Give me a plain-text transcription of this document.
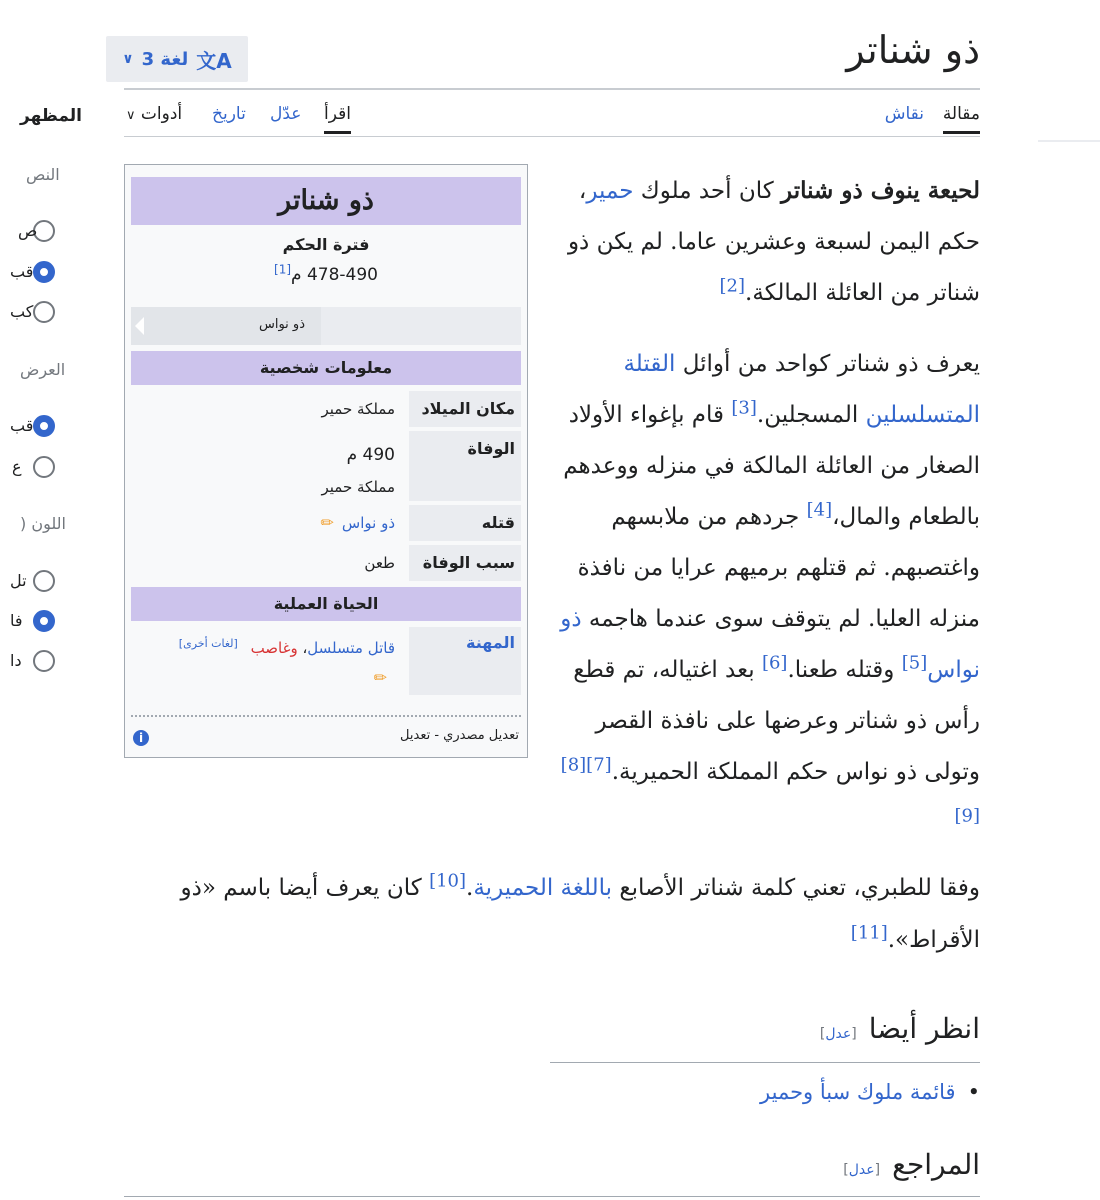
المظهر
النص
ص
قب
كب
العرض
قب
ع
اللون (
تل
فا
دا
ذو شناتر
∨ 3 لغة 文A
مقالة
نقاش
اقرأ
عدّل
تاريخ
أدوات ∨

لحيعة ينوف ذو شناتر كان أحد ملوك حمير، حكم اليمن لسبعة وعشرين عاما. لم يكن ذو شناتر من العائلة المالكة.[2]

يعرف ذو شناتر كواحد من أوائل القتلة المتسلسلين المسجلين.[3] قام بإغواء الأولاد الصغار من العائلة المالكة في منزله ووعدهم بالطعام والمال،[4] جردهم من ملابسهم واغتصبهم. ثم قتلهم برميهم عرايا من نافذة منزله العليا. لم يتوقف سوى عندما هاجمه ذو نواس[5] وقتله طعنا.[6] بعد اغتياله، تم قطع رأس ذو شناتر وعرضها على نافذة القصر وتولى ذو نواس حكم المملكة الحميرية.[7][8][9]

وفقا للطبري، تعني كلمة شناتر الأصابع باللغة الحميرية.[10] كان يعرف أيضا باسم «ذو الأقراط».[11]
ذو شناتر
فترة الحكم
478-490 م[1]
ذو نواس
معلومات شخصية
مكان الميلاد
مملكة حمير
الوفاة
490 م
مملكة حمير
قتله
ذو نواس✏
سبب الوفاة
طعن
الحياة العملية
المهنة
قاتل متسلسل، وغاصب [لغات أخرى]
✏
تعديل مصدري - تعديل
i
انظر أيضا[عدل]
•قائمة ملوك سبأ وحمير
المراجع[عدل]
